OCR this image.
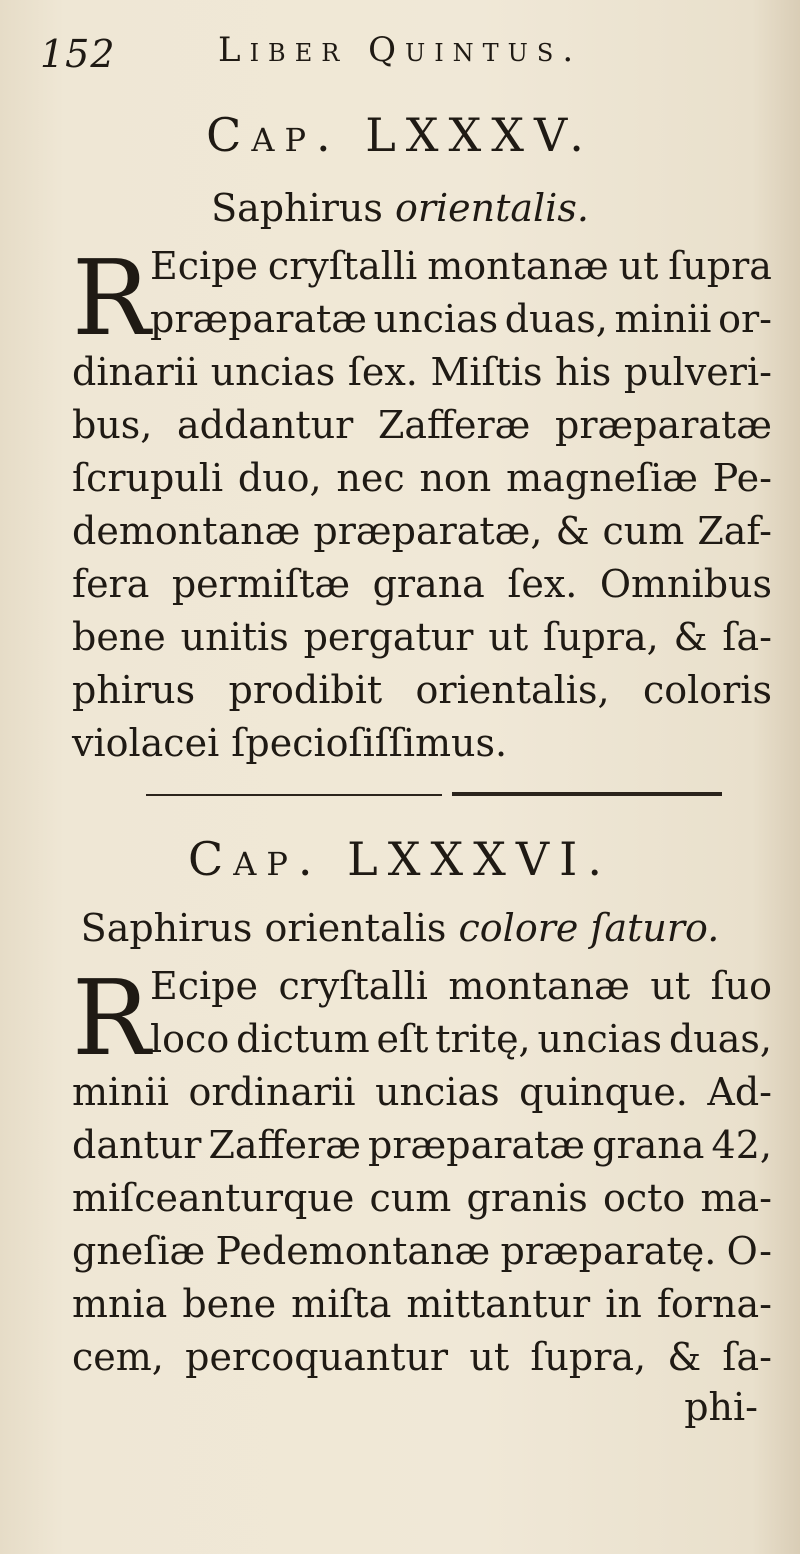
152	Liber Quintus.
Cap. LXXXV.
Saphirus orientalis.
R Ecipe cryſtalli montanæ ut ſupra
præparatæ uncias duas, minii or-
dinarii uncias ſex. Miſtis his pulveri-
bus, addantur Zafferæ præparatæ
ſcrupuli duo, nec non magneſiæ Pe-
demontanæ præparatæ, & cum Zaf-
fera permiſtæ grana ſex. Omnibus
bene unitis pergatur ut ſupra, & ſa-
phirus prodibit orientalis, coloris
violacei ſpecioſiſſimus.
Cap. LXXXVI.
Saphirus orientalis colore ſaturo.
R Ecipe cryſtalli montanæ ut ſuo
loco dictum eſt tritę, uncias duas,
minii ordinarii uncias quinque. Ad-
dantur Zafferæ præparatæ grana 42,
miſceanturque cum granis octo ma-
gneſiæ Pedemontanæ præparatę. O-
mnia bene miſta mittantur in forna-
cem, percoquantur ut ſupra, & ſa-
phi-
